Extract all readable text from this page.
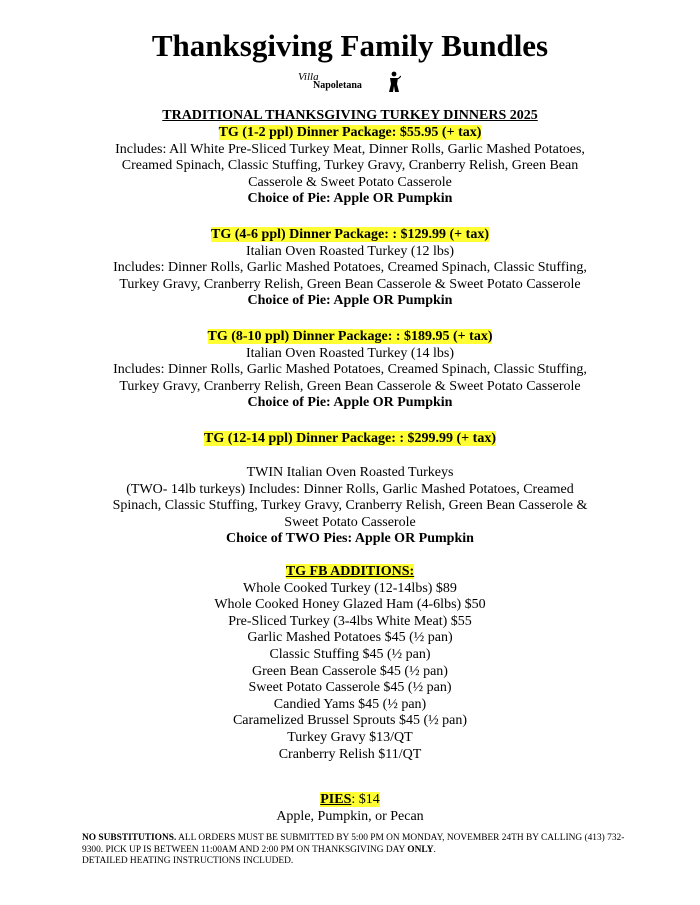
Thanksgiving Family Bundles
Villa
Napoletana
TRADITIONAL THANKSGIVING TURKEY DINNERS 2025
TG (1-2 ppl) Dinner Package: $55.95 (+ tax)
Includes: All White Pre-Sliced Turkey Meat, Dinner Rolls, Garlic Mashed Potatoes,
Creamed Spinach, Classic Stuffing, Turkey Gravy, Cranberry Relish, Green Bean
Casserole & Sweet Potato Casserole
Choice of Pie: Apple OR Pumpkin
TG (4-6 ppl) Dinner Package: : $129.99 (+ tax)
Italian Oven Roasted Turkey (12 lbs)
Includes: Dinner Rolls, Garlic Mashed Potatoes, Creamed Spinach, Classic Stuffing,
Turkey Gravy, Cranberry Relish, Green Bean Casserole & Sweet Potato Casserole
Choice of Pie: Apple OR Pumpkin
TG (8-10 ppl) Dinner Package: : $189.95 (+ tax)
Italian Oven Roasted Turkey (14 lbs)
Includes: Dinner Rolls, Garlic Mashed Potatoes, Creamed Spinach, Classic Stuffing,
Turkey Gravy, Cranberry Relish, Green Bean Casserole & Sweet Potato Casserole
Choice of Pie: Apple OR Pumpkin
TG (12-14 ppl) Dinner Package: : $299.99 (+ tax)
TWIN Italian Oven Roasted Turkeys
(TWO- 14lb turkeys) Includes: Dinner Rolls, Garlic Mashed Potatoes, Creamed
Spinach, Classic Stuffing, Turkey Gravy, Cranberry Relish, Green Bean Casserole &
Sweet Potato Casserole
Choice of TWO Pies: Apple OR Pumpkin
TG FB ADDITIONS:
Whole Cooked Turkey (12-14lbs) $89
Whole Cooked Honey Glazed Ham (4-6lbs) $50
Pre-Sliced Turkey (3-4lbs White Meat) $55
Garlic Mashed Potatoes $45 (½ pan)
Classic Stuffing $45 (½ pan)
Green Bean Casserole $45 (½ pan)
Sweet Potato Casserole $45 (½ pan)
Candied Yams $45 (½ pan)
Caramelized Brussel Sprouts $45 (½ pan)
Turkey Gravy $13/QT
Cranberry Relish $11/QT
PIES: $14
Apple, Pumpkin, or Pecan

NO SUBSTITUTIONS. ALL ORDERS MUST BE SUBMITTED BY 5:00 PM ON MONDAY, NOVEMBER 24TH BY CALLING (413) 732-9300. PICK UP IS BETWEEN 11:00AM AND 2:00 PM ON THANKSGIVING DAY ONLY.

DETAILED HEATING INSTRUCTIONS INCLUDED.
